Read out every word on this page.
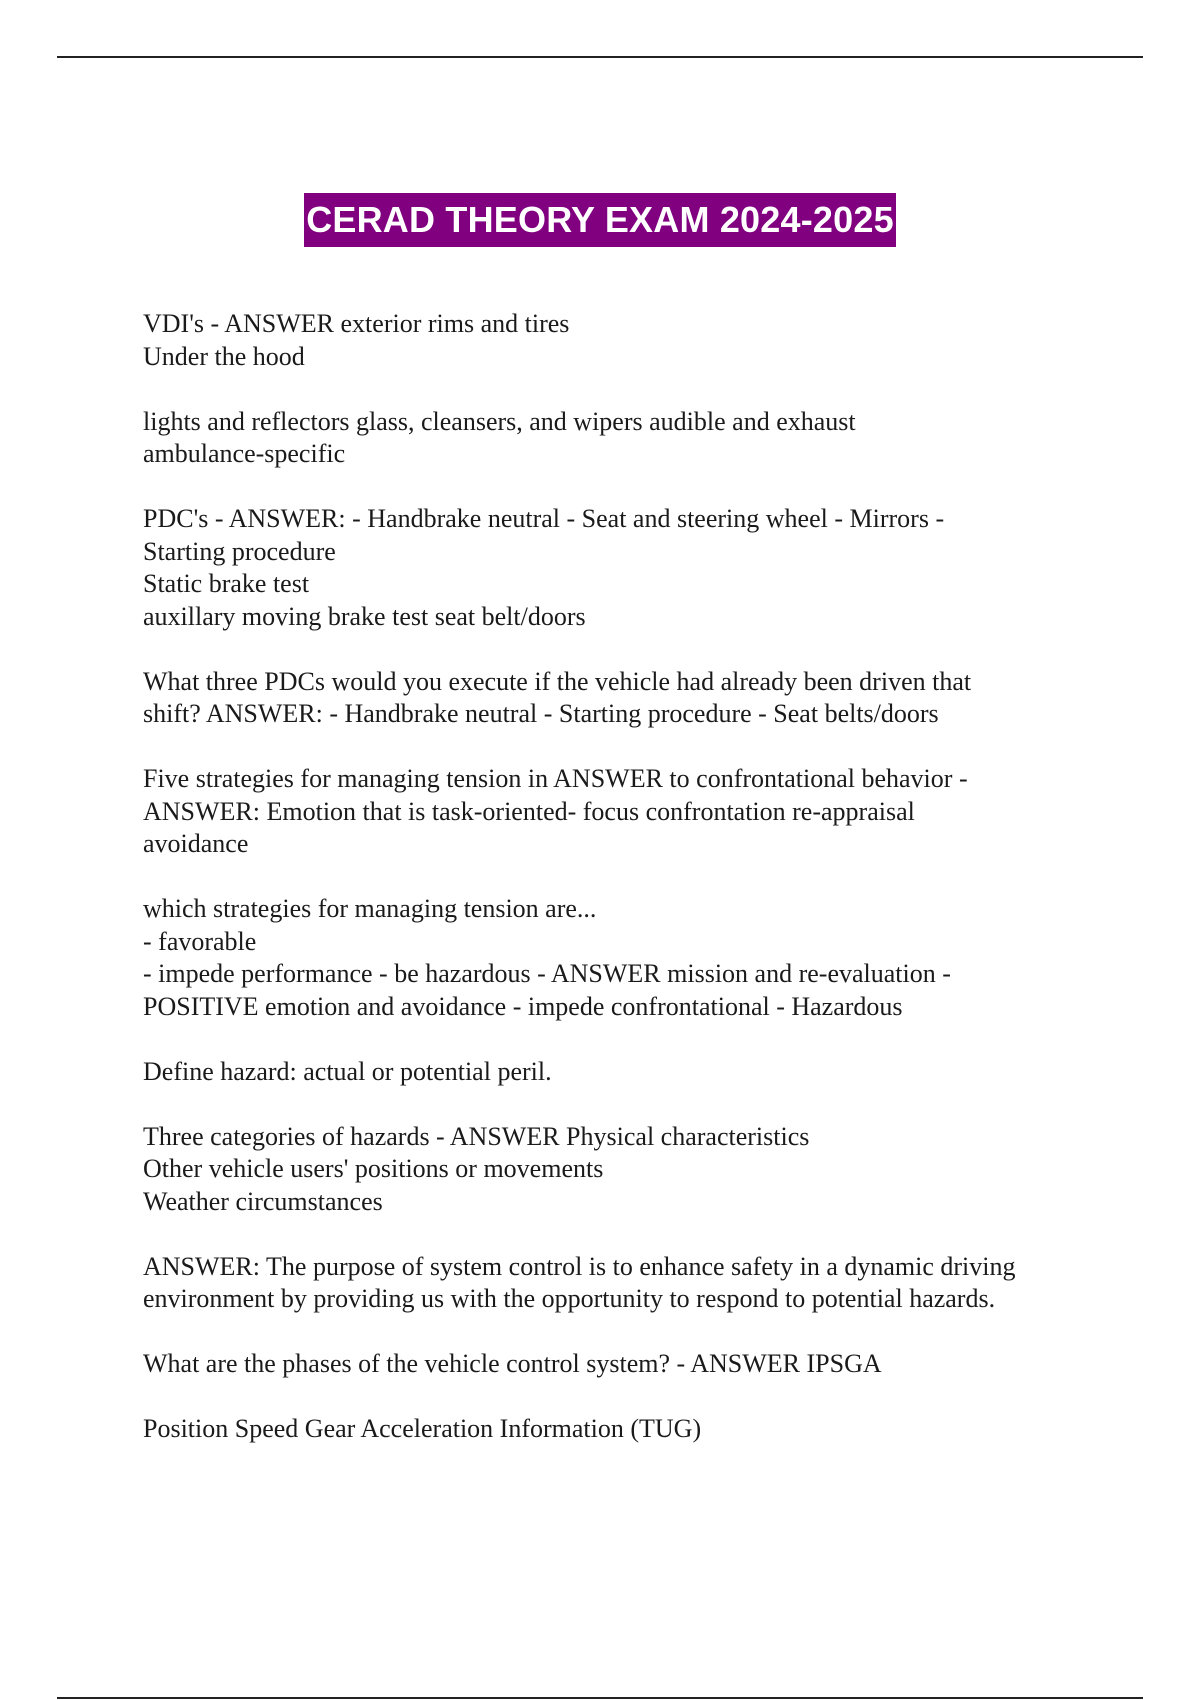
CERAD THEORY EXAM 2024-2025
VDI's - ANSWER exterior rims and tires
Under the hood
lights and reflectors glass, cleansers, and wipers audible and exhaust
ambulance-specific
PDC's - ANSWER: - Handbrake neutral - Seat and steering wheel - Mirrors -
Starting procedure
Static brake test
auxillary moving brake test seat belt/doors
What three PDCs would you execute if the vehicle had already been driven that
shift? ANSWER: - Handbrake neutral - Starting procedure - Seat belts/doors
Five strategies for managing tension in ANSWER to confrontational behavior -
ANSWER: Emotion that is task-oriented- focus confrontation re-appraisal
avoidance
which strategies for managing tension are...
- favorable
- impede performance - be hazardous - ANSWER mission and re-evaluation -
POSITIVE emotion and avoidance - impede confrontational - Hazardous
Define hazard: actual or potential peril.
Three categories of hazards - ANSWER Physical characteristics
Other vehicle users' positions or movements
Weather circumstances
ANSWER: The purpose of system control is to enhance safety in a dynamic driving
environment by providing us with the opportunity to respond to potential hazards.
What are the phases of the vehicle control system? - ANSWER IPSGA
Position Speed Gear Acceleration Information (TUG)
